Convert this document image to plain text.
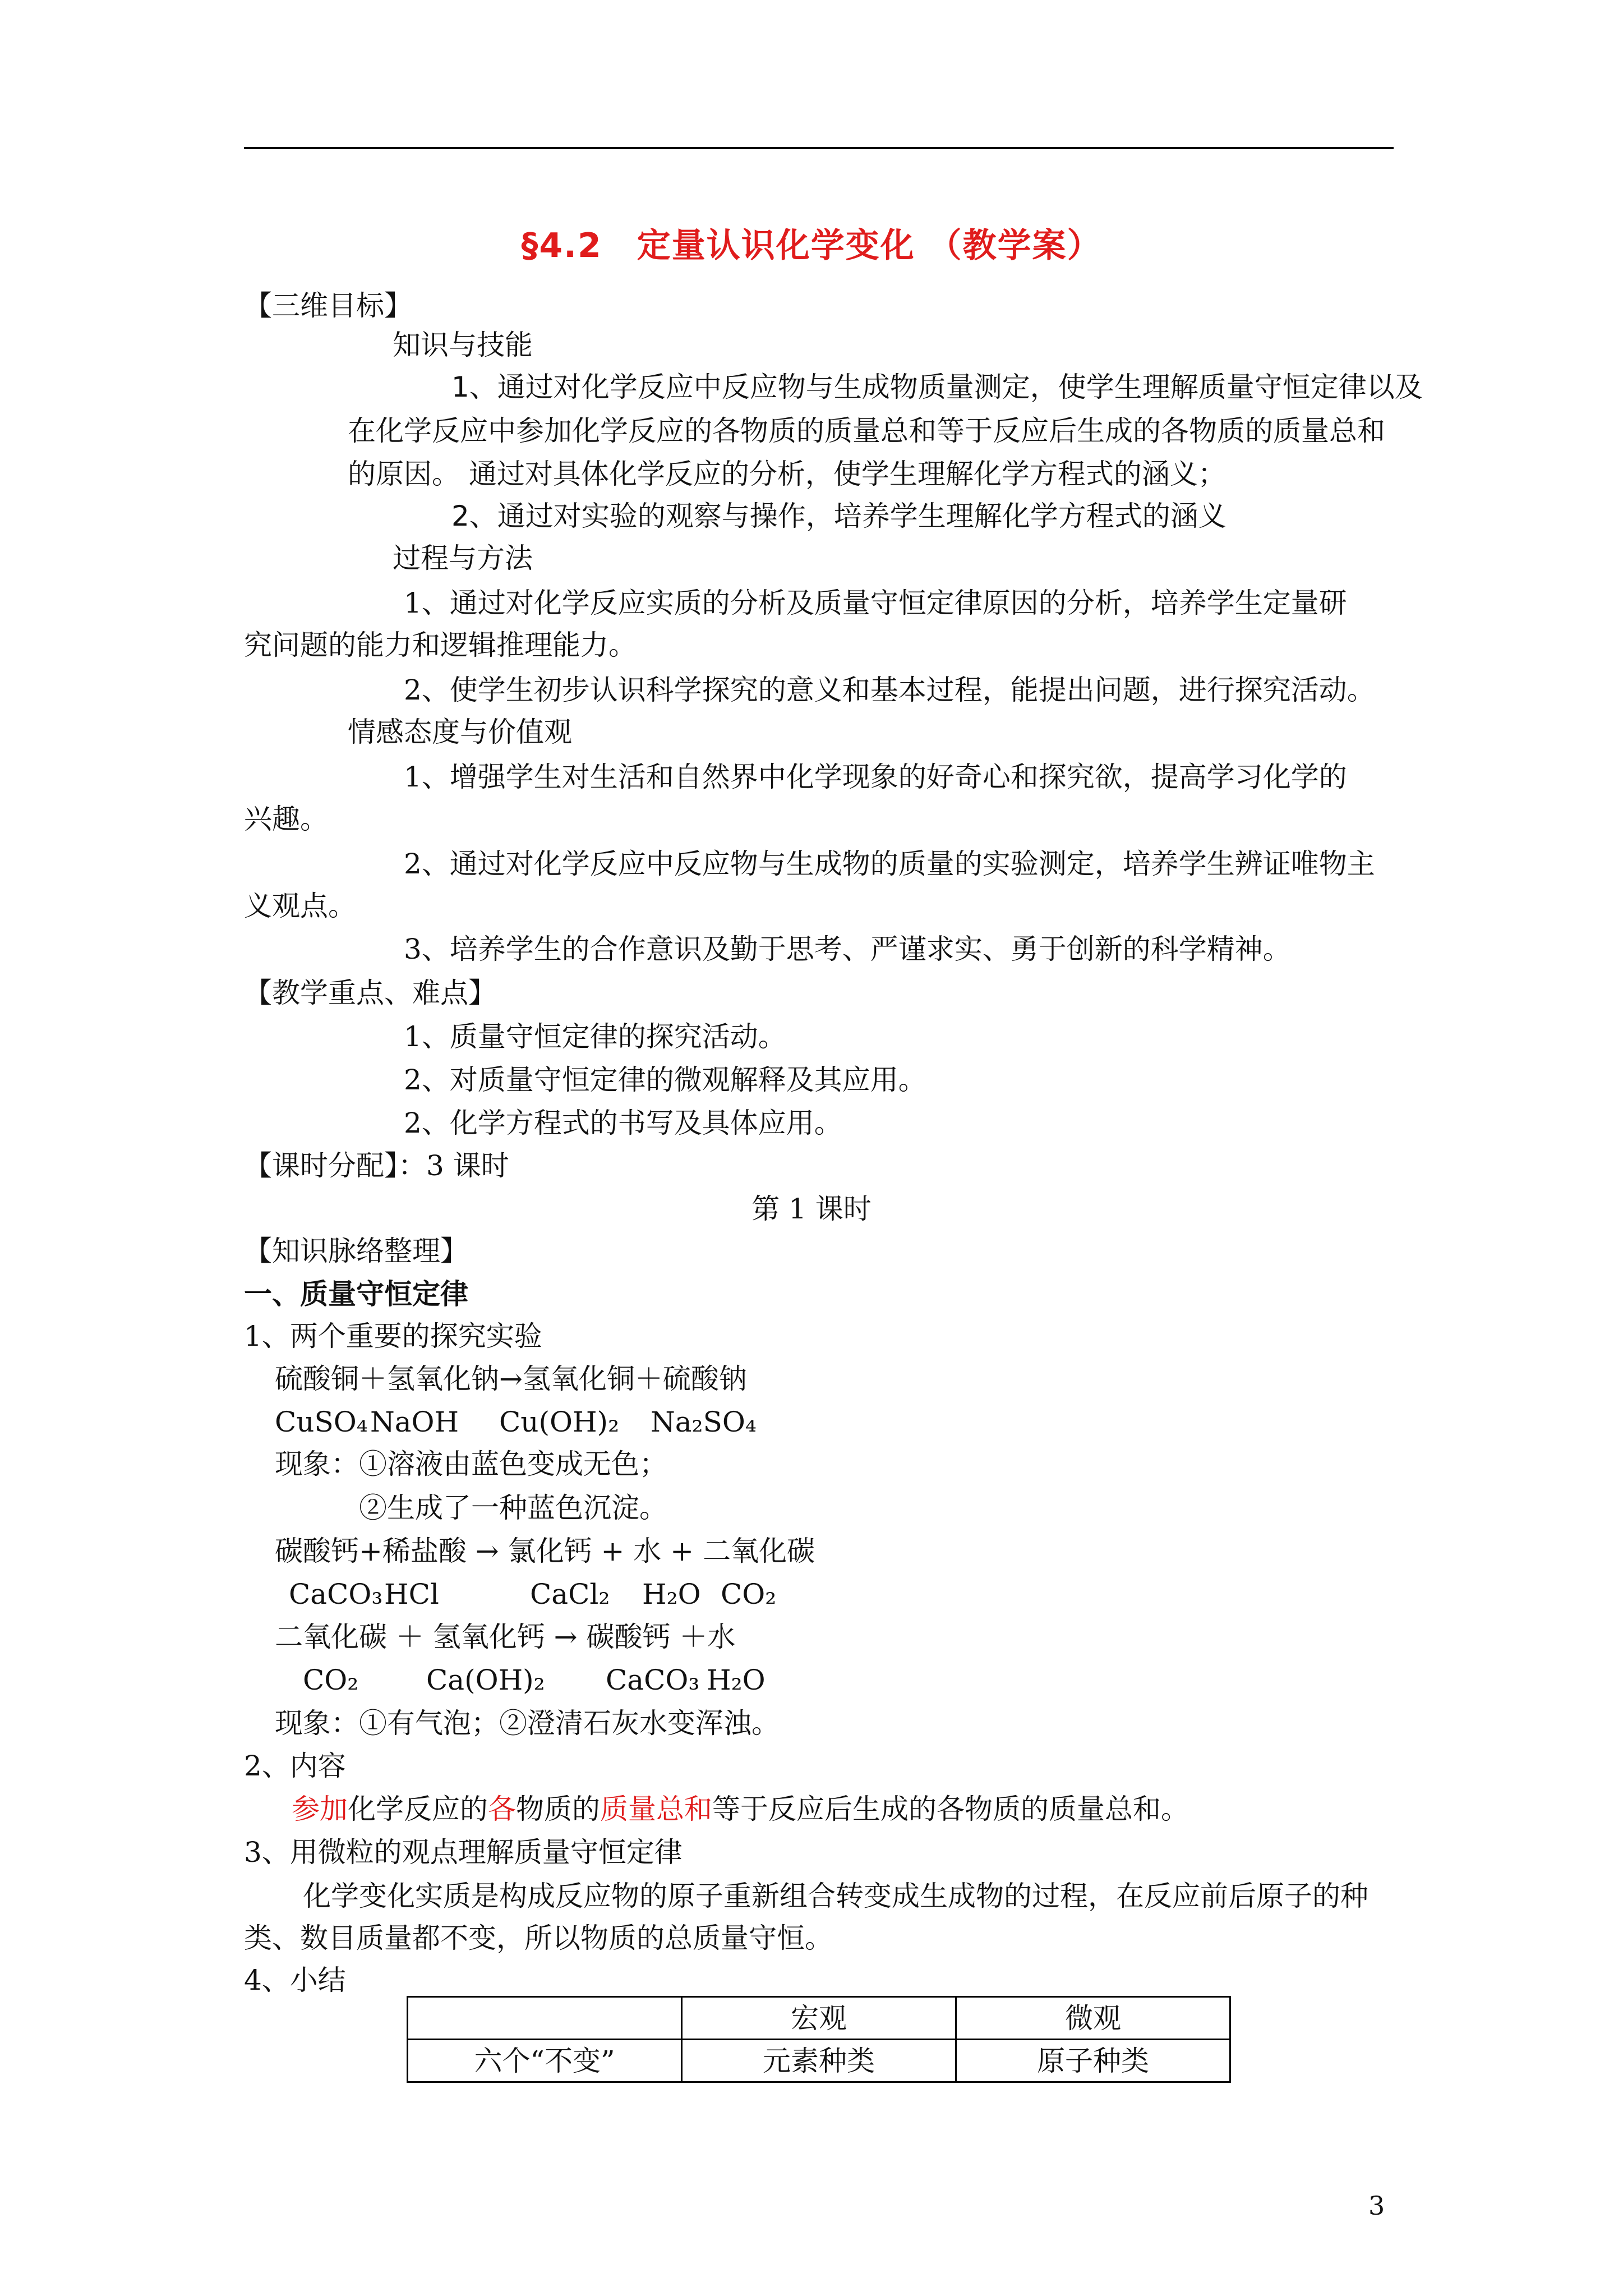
§4.2　定量认识化学变化 （教学案）
【三维目标】
知识与技能
1、通过对化学反应中反应物与生成物质量测定，使学生理解质量守恒定律以及
在化学反应中参加化学反应的各物质的质量总和等于反应后生成的各物质的质量总和
的原因。 通过对具体化学反应的分析，使学生理解化学方程式的涵义；
2、通过对实验的观察与操作，培养学生理解化学方程式的涵义
过程与方法
1、通过对化学反应实质的分析及质量守恒定律原因的分析，培养学生定量研
究问题的能力和逻辑推理能力。
2、使学生初步认识科学探究的意义和基本过程，能提出问题，进行探究活动。
情感态度与价值观
1、增强学生对生活和自然界中化学现象的好奇心和探究欲，提高学习化学的
兴趣。
2、通过对化学反应中反应物与生成物的质量的实验测定，培养学生辨证唯物主
义观点。
3、培养学生的合作意识及勤于思考、严谨求实、勇于创新的科学精神。
【教学重点、难点】
1、质量守恒定律的探究活动。
2、对质量守恒定律的微观解释及其应用。
2、化学方程式的书写及具体应用。
【课时分配】：3 课时
第 1 课时
【知识脉络整理】
一、质量守恒定律
1、两个重要的探究实验
硫酸铜＋氢氧化钠→氢氧化铜＋硫酸钠
CuSO₄NaOH Cu(OH)₂ Na₂SO₄
现象：①溶液由蓝色变成无色；
②生成了一种蓝色沉淀。
碳酸钙+稀盐酸 → 氯化钙 + 水 + 二氧化碳
CaCO₃HCl	CaCl₂ H₂O CO₂
二氧化碳 ＋ 氢氧化钙 → 碳酸钙 ＋水
CO₂ Ca(OH)₂ CaCO₃ H₂O
现象：①有气泡；②澄清石灰水变浑浊。
2、内容
参加化学反应的各物质的质量总和等于反应后生成的各物质的质量总和。
3、用微粒的观点理解质量守恒定律
化学变化实质是构成反应物的原子重新组合转变成生成物的过程，在反应前后原子的种
类、数目质量都不变，所以物质的总质量守恒。
4、小结
	宏观	微观
六个“不变”	元素种类	原子种类
3
